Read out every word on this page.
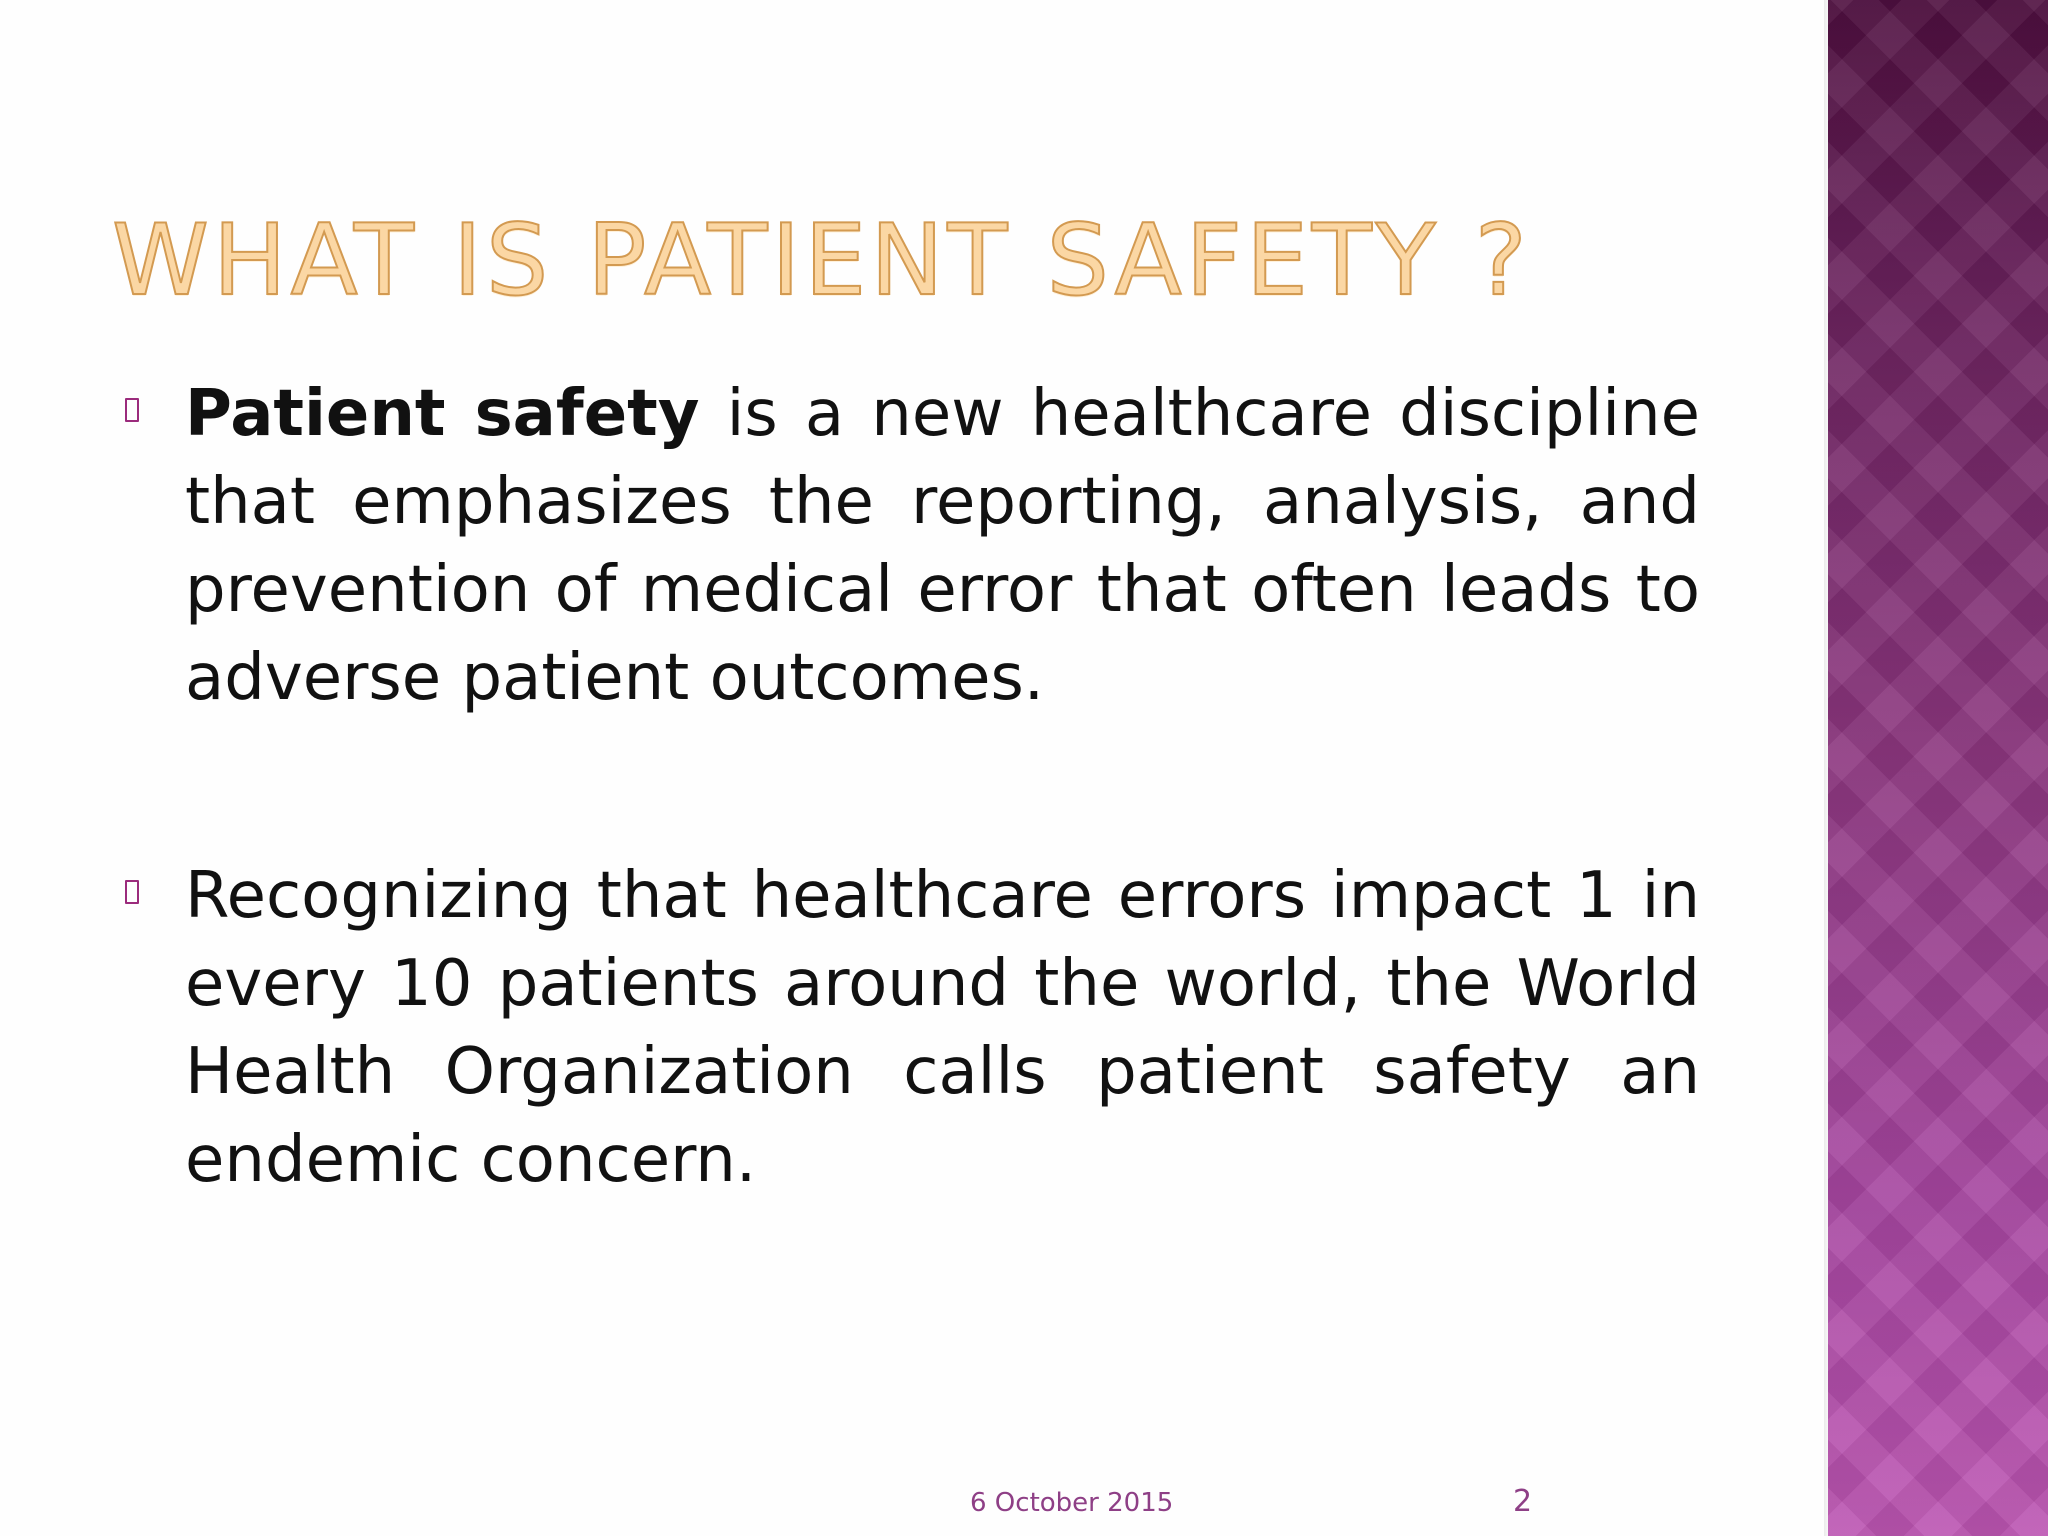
WHAT IS PATIENT SAFETY ?

Patient safety is a new healthcare discipline that emphasizes the reporting, analysis, and prevention of medical error that often leads to adverse patient outcomes.

Recognizing that healthcare errors impact 1 in every 10 patients around the world, the World Health Organization calls patient safety an endemic concern.

6 October 2015	2
